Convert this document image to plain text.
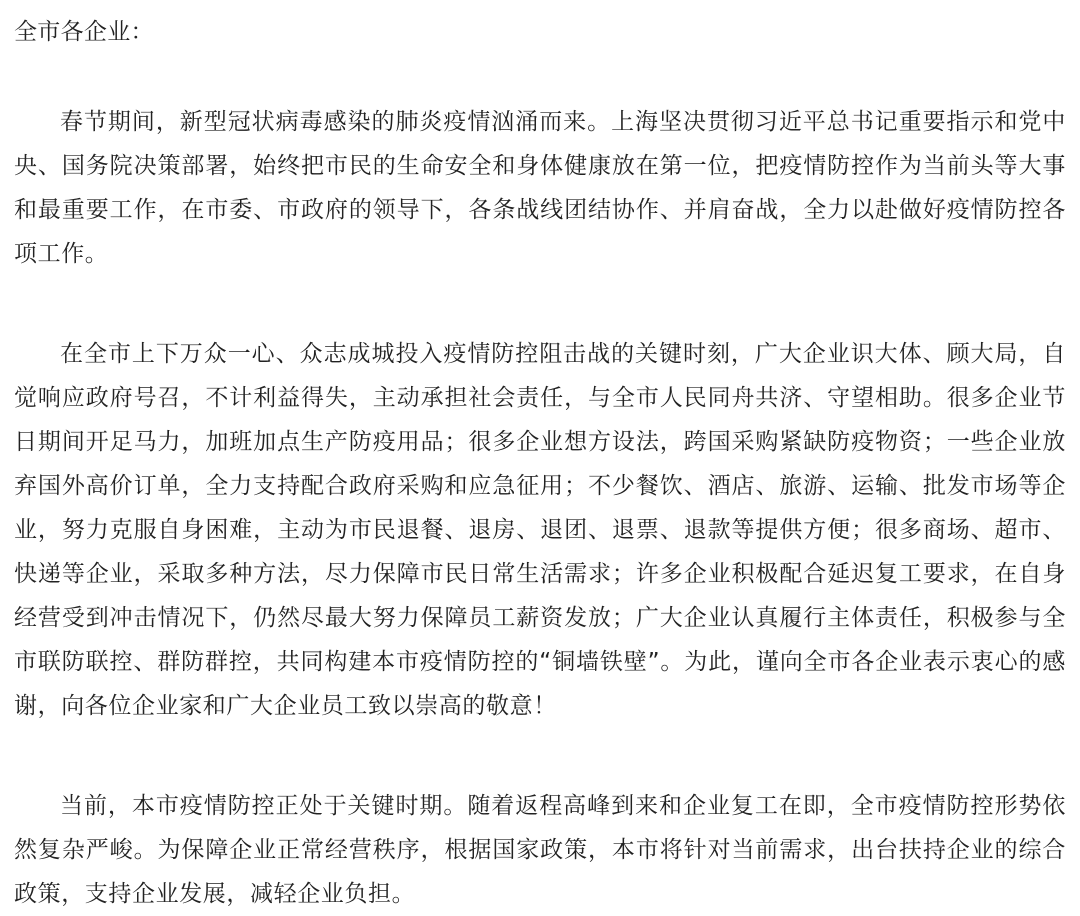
全市各企业：

春节期间，新型冠状病毒感染的肺炎疫情汹涌而来。上海坚决贯彻习近平总书记重要指示和党中央、国务院决策部署，始终把市民的生命安全和身体健康放在第一位，把疫情防控作为当前头等大事和最重要工作，在市委、市政府的领导下，各条战线团结协作、并肩奋战，全力以赴做好疫情防控各项工作。

在全市上下万众一心、众志成城投入疫情防控阻击战的关键时刻，广大企业识大体、顾大局，自觉响应政府号召，不计利益得失，主动承担社会责任，与全市人民同舟共济、守望相助。很多企业节日期间开足马力，加班加点生产防疫用品；很多企业想方设法，跨国采购紧缺防疫物资；一些企业放弃国外高价订单，全力支持配合政府采购和应急征用；不少餐饮、酒店、旅游、运输、批发市场等企业，努力克服自身困难，主动为市民退餐、退房、退团、退票、退款等提供方便；很多商场、超市、快递等企业，采取多种方法，尽力保障市民日常生活需求；许多企业积极配合延迟复工要求，在自身经营受到冲击情况下，仍然尽最大努力保障员工薪资发放；广大企业认真履行主体责任，积极参与全市联防联控、群防群控，共同构建本市疫情防控的“铜墙铁壁”。为此，谨向全市各企业表示衷心的感谢，向各位企业家和广大企业员工致以崇高的敬意！

当前，本市疫情防控正处于关键时期。随着返程高峰到来和企业复工在即，全市疫情防控形势依然复杂严峻。为保障企业正常经营秩序，根据国家政策，本市将针对当前需求，出台扶持企业的综合政策，支持企业发展，减轻企业负担。
